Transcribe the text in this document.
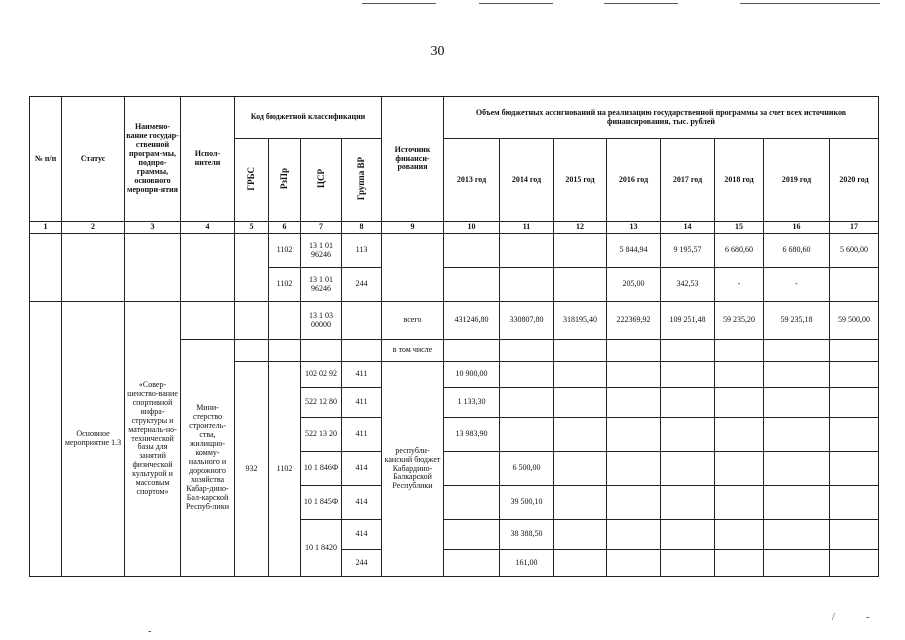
30
№ п/п	Статус	Наимено-вание государ-ственной програм-мы, подпро-граммы, основного меропри-ятия	Испол-нители	Код бюджетной классификации				Источник финанси-рования	Объем бюджетных ассигнований на реализацию государственной программы за счет всех источников финансирования, тыс. рублей							
				ГРБС	РзПр	ЦСР	Группа ВР		2013 год	2014 год	2015 год	2016 год	2017 год	2018 год	2019 год	2020 год
1	2	3	4	5	6	7	8	9	10	11	12	13	14	15	16	17
					1102	13 1 01 96246	113					5 844,94	9 195,57	6 680,60	6 680,60	5 600,00
					1102	13 1 01 96246	244					205,00	342,53	-	-	
	Основное мероприятие 1.3	«Совер-шенство-вание спортивной инфра-структуры и материаль-но-технической базы для занятий физической культурой и массовым спортом»				13 1 03 00000		всего	431246,80	330807,80	318195,40	222369,92	109 251,48	59 235,20	59 235,18	59 500,00
			Мини-стерство строитель-ства, жилищно-комму-нального и дорожного хозяйства Кабар-дино-Бал-карской Респуб-лики					в том числе								
				932	1102	102 02 92	411	республи-канский бюджет Кабардино-Балкарской Республики	10 900,00							
						522 12 80	411		1 133,30							
						522 13 20	411		13 983,90							
						10 1 846Ф	414			6 500,00						
						10 1 845Ф	414			39 500,10						
						10 1 8420	414			38 388,50						
							244			161,00						
-
/	-
